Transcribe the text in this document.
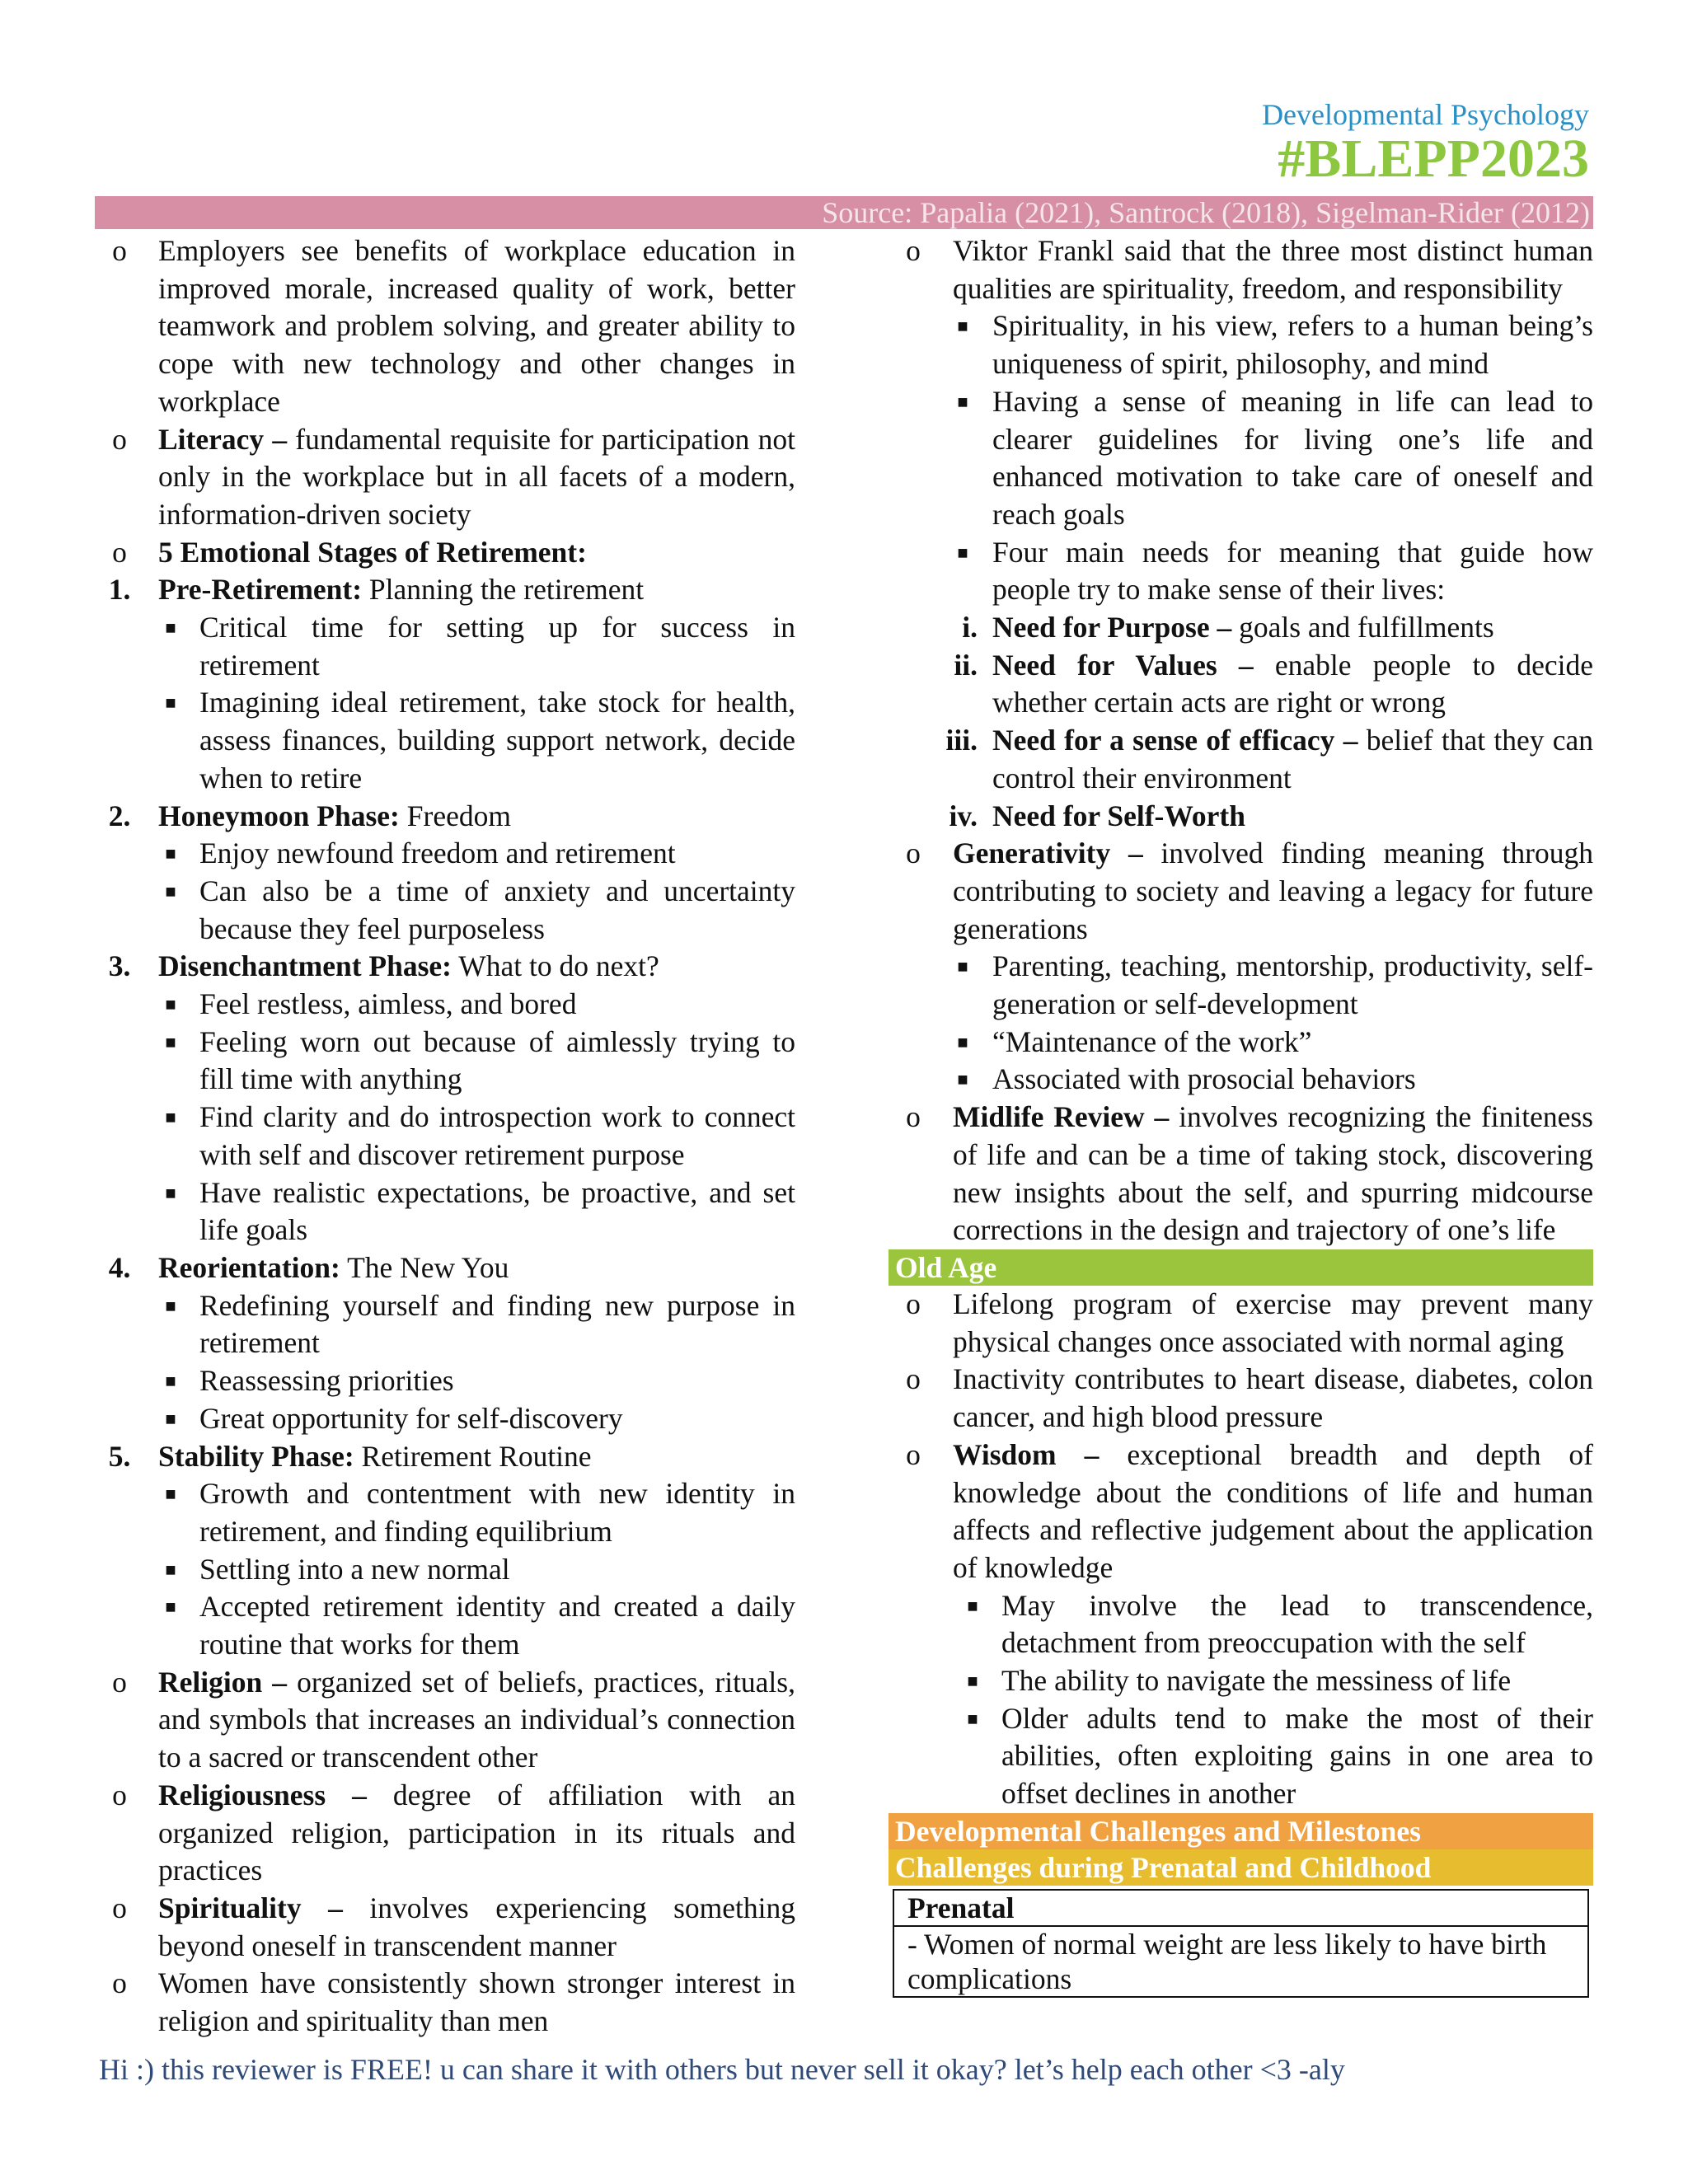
Developmental Psychology
#BLEPP2023
Source: Papalia (2021), Santrock (2018), Sigelman-Rider (2012)
o	Employers see benefits of workplace education in improved morale, increased quality of work, better teamwork and problem solving, and greater ability to cope with new technology and other changes in workplace
o	Literacy – fundamental requisite for participation not only in the workplace but in all facets of a modern, information-driven society
o	5 Emotional Stages of Retirement:
1. Pre-Retirement: Planning the retirement
■ Critical time for setting up for success in retirement
■ Imagining ideal retirement, take stock for health, assess finances, building support network, decide when to retire
2. Honeymoon Phase: Freedom
■ Enjoy newfound freedom and retirement
■ Can also be a time of anxiety and uncertainty because they feel purposeless
3. Disenchantment Phase: What to do next?
■ Feel restless, aimless, and bored
■ Feeling worn out because of aimlessly trying to fill time with anything
■ Find clarity and do introspection work to connect with self and discover retirement purpose
■ Have realistic expectations, be proactive, and set life goals
4. Reorientation: The New You
■ Redefining yourself and finding new purpose in retirement
■ Reassessing priorities
■ Great opportunity for self-discovery
5. Stability Phase: Retirement Routine
■ Growth and contentment with new identity in retirement, and finding equilibrium
■ Settling into a new normal
■ Accepted retirement identity and created a daily routine that works for them
o	Religion – organized set of beliefs, practices, rituals, and symbols that increases an individual’s connection to a sacred or transcendent other
o	Religiousness – degree of affiliation with an organized religion, participation in its rituals and practices
o	Spirituality – involves experiencing something beyond oneself in transcendent manner
o	Women have consistently shown stronger interest in religion and spirituality than men
o	Viktor Frankl said that the three most distinct human qualities are spirituality, freedom, and responsibility
■ Spirituality, in his view, refers to a human being’s uniqueness of spirit, philosophy, and mind
■ Having a sense of meaning in life can lead to clearer guidelines for living one’s life and enhanced motivation to take care of oneself and reach goals
■ Four main needs for meaning that guide how people try to make sense of their lives:
i. Need for Purpose – goals and fulfillments
ii. Need for Values – enable people to decide whether certain acts are right or wrong
iii. Need for a sense of efficacy – belief that they can control their environment
iv. Need for Self-Worth
o	Generativity – involved finding meaning through contributing to society and leaving a legacy for future generations
■ Parenting, teaching, mentorship, productivity, self-generation or self-development
■ “Maintenance of the work”
■ Associated with prosocial behaviors
o	Midlife Review – involves recognizing the finiteness of life and can be a time of taking stock, discovering new insights about the self, and spurring midcourse corrections in the design and trajectory of one’s life
Old Age
o	Lifelong program of exercise may prevent many physical changes once associated with normal aging
o	Inactivity contributes to heart disease, diabetes, colon cancer, and high blood pressure
o	Wisdom – exceptional breadth and depth of knowledge about the conditions of life and human affects and reflective judgement about the application of knowledge
■ May involve the lead to transcendence, detachment from preoccupation with the self
■ The ability to navigate the messiness of life
■ Older adults tend to make the most of their abilities, often exploiting gains in one area to offset declines in another
Developmental Challenges and Milestones
Challenges during Prenatal and Childhood
Prenatal
- Women of normal weight are less likely to have birth complications
Hi :) this reviewer is FREE! u can share it with others but never sell it okay? let’s help each other <3 -aly
